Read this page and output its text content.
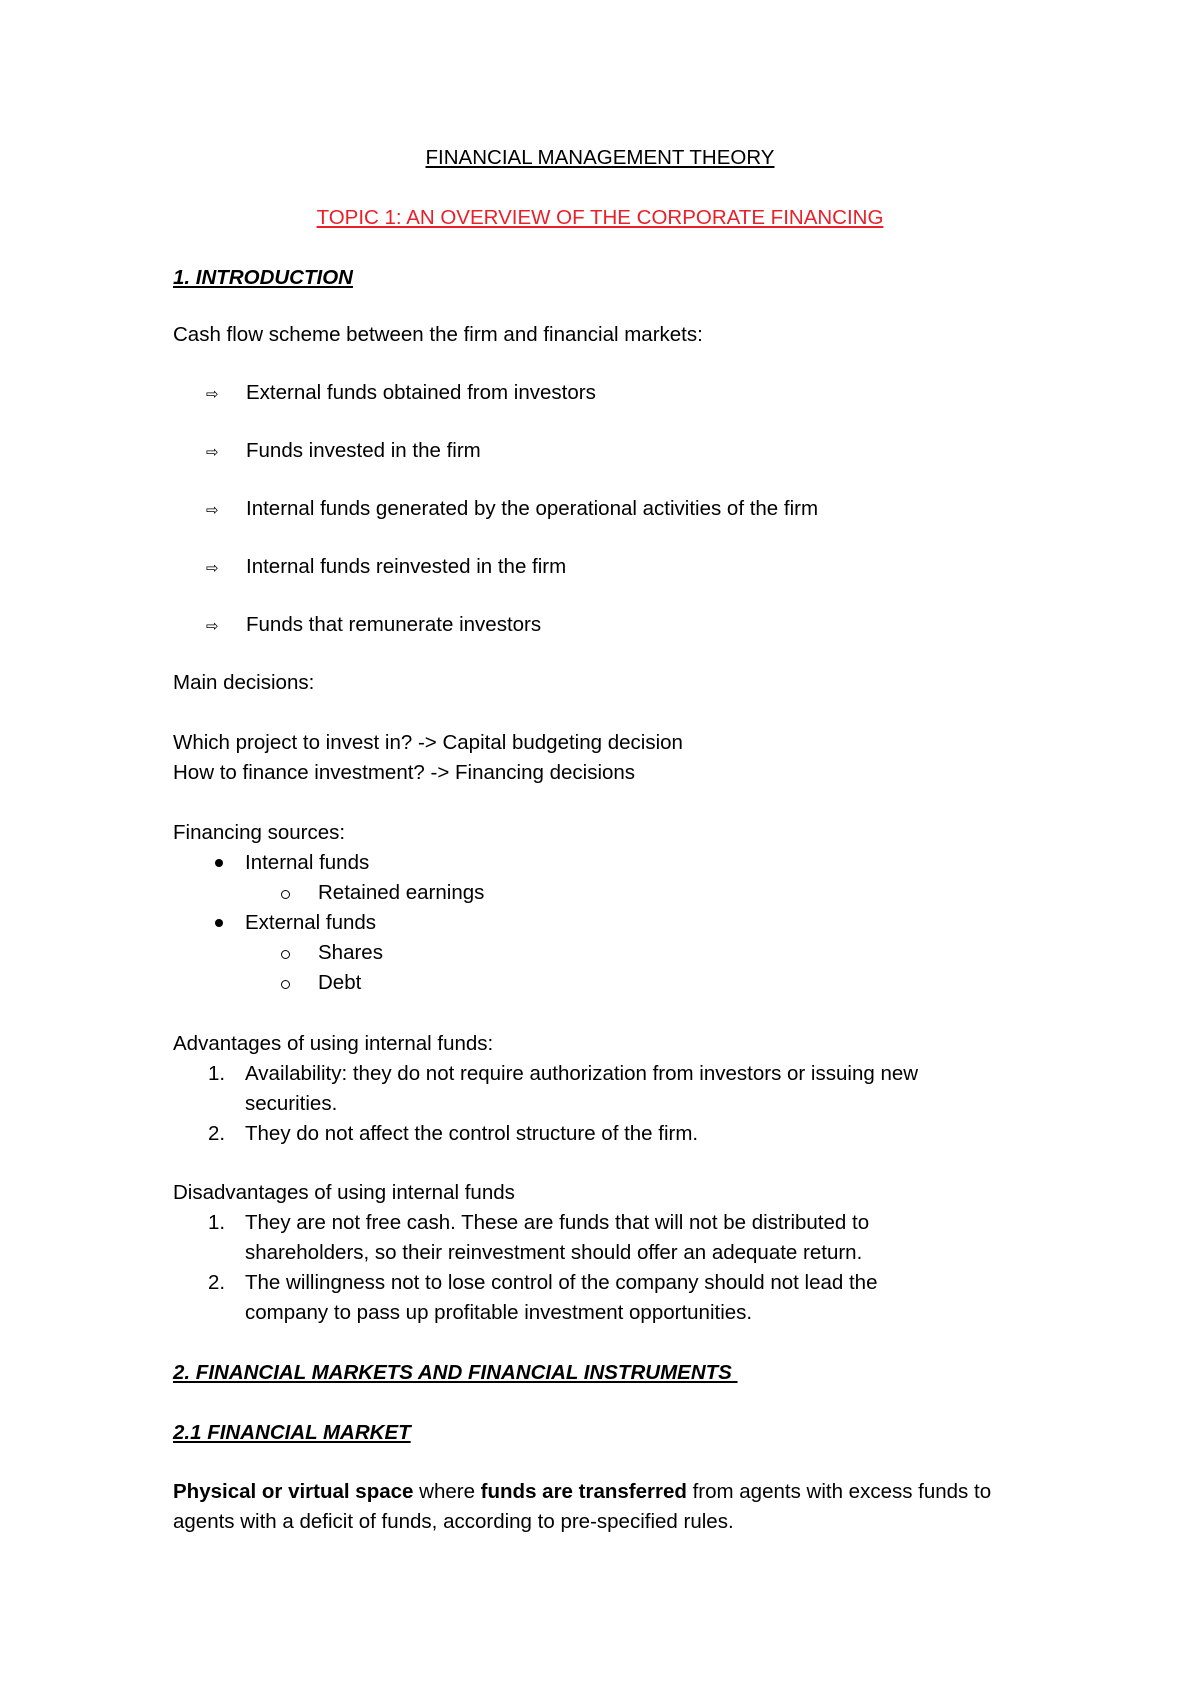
FINANCIAL MANAGEMENT THEORY
TOPIC 1: AN OVERVIEW OF THE CORPORATE FINANCING
1. INTRODUCTION
Cash flow scheme between the firm and financial markets:
⇨ External funds obtained from investors
⇨ Funds invested in the firm
⇨ Internal funds generated by the operational activities of the firm
⇨ Internal funds reinvested in the firm
⇨ Funds that remunerate investors
Main decisions:
Which project to invest in? -> Capital budgeting decision
How to finance investment? -> Financing decisions
Financing sources:
Internal funds
Retained earnings
External funds
Shares
Debt
Advantages of using internal funds:
1. Availability: they do not require authorization from investors or issuing new
securities.
2. They do not affect the control structure of the firm.
Disadvantages of using internal funds
1. They are not free cash. These are funds that will not be distributed to
shareholders, so their reinvestment should offer an adequate return.
2. The willingness not to lose control of the company should not lead the
company to pass up profitable investment opportunities.
2. FINANCIAL MARKETS AND FINANCIAL INSTRUMENTS
2.1 FINANCIAL MARKET
Physical or virtual space where funds are transferred from agents with excess funds to
agents with a deficit of funds, according to pre-specified rules.
